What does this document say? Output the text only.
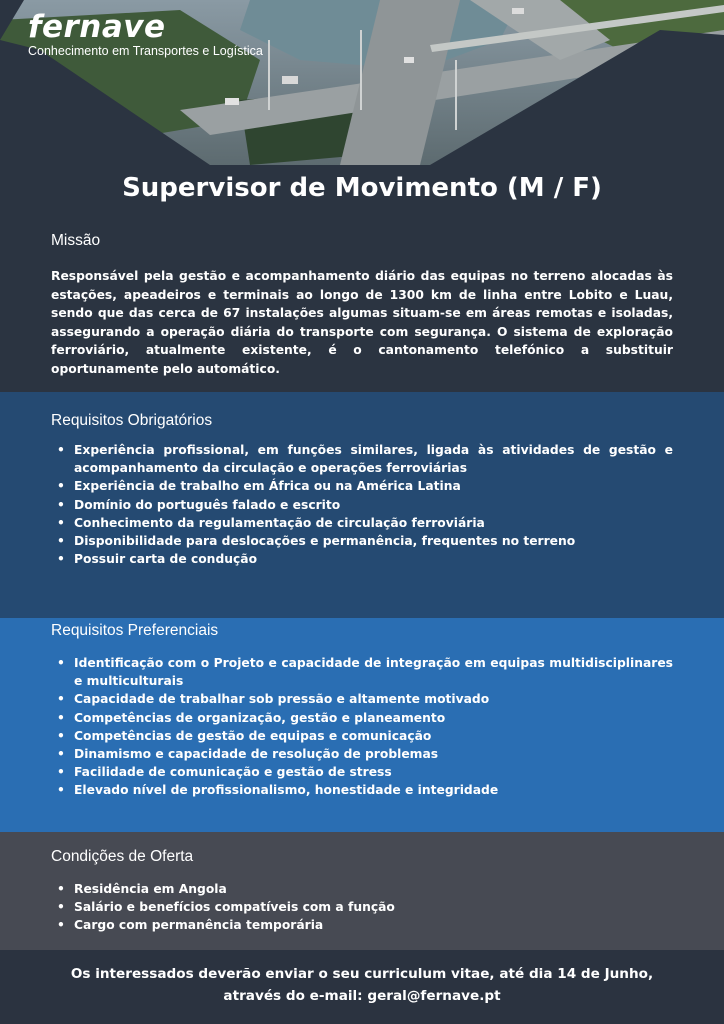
fernave
Conhecimento em Transportes e Logística
Supervisor de Movimento (M / F)
Missão
Responsável pela gestão e acompanhamento diário das equipas no terreno alocadas às estações, apeadeiros e terminais ao longo de 1300 km de linha entre Lobito e Luau, sendo que das cerca de 67 instalações algumas situam-se em áreas remotas e isoladas, assegurando a operação diária do transporte com segurança. O sistema de exploração ferroviário, atualmente existente, é o cantonamento telefónico a substituir oportunamente pelo automático.
Requisitos Obrigatórios
• Experiência profissional, em funções similares, ligada às atividades de gestão e acompanhamento da circulação e operações ferroviárias
• Experiência de trabalho em África ou na América Latina
• Domínio do português falado e escrito
• Conhecimento da regulamentação de circulação ferroviária
• Disponibilidade para deslocações e permanência, frequentes no terreno
• Possuir carta de condução
Requisitos Preferenciais
• Identificação com o Projeto e capacidade de integração em equipas multidisciplinares e multiculturais
• Capacidade de trabalhar sob pressão e altamente motivado
• Competências de organização, gestão e planeamento
• Competências de gestão de equipas e comunicação
• Dinamismo e capacidade de resolução de problemas
• Facilidade de comunicação e gestão de stress
• Elevado nível de profissionalismo, honestidade e integridade
Condições de Oferta
• Residência em Angola
• Salário e benefícios compatíveis com a função
• Cargo com permanência temporária
Os interessados deverão enviar o seu curriculum vitae, até dia 14 de Junho,
através do e-mail: geral@fernave.pt
